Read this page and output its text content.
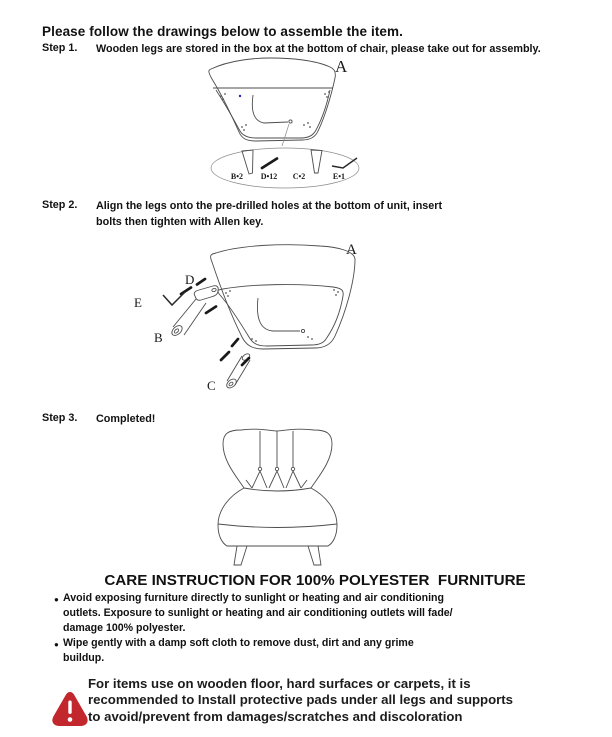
Please follow the drawings below to assemble the item.
Step 1. Wooden legs are stored in the box at the bottom of chair, please take out for assembly.
A
B•2 D•12 C•2	E•1
Step 2. Align the legs onto the pre-drilled holes at the bottom of unit, insert
bolts then tighten with Allen key.
A
D
E
B
C
Step 3. Completed!
CARE INSTRUCTION FOR 100% POLYESTER  FURNITURE
● Avoid exposing furniture directly to sunlight or heating and air conditioning
outlets. Exposure to sunlight or heating and air conditioning outlets will fade/
damage 100% polyester.
● Wipe gently with a damp soft cloth to remove dust, dirt and any grime
buildup.
For items use on wooden floor, hard surfaces or carpets, it is
recommended to Install protective pads under all legs and supports
to avoid/prevent from damages/scratches and discoloration
